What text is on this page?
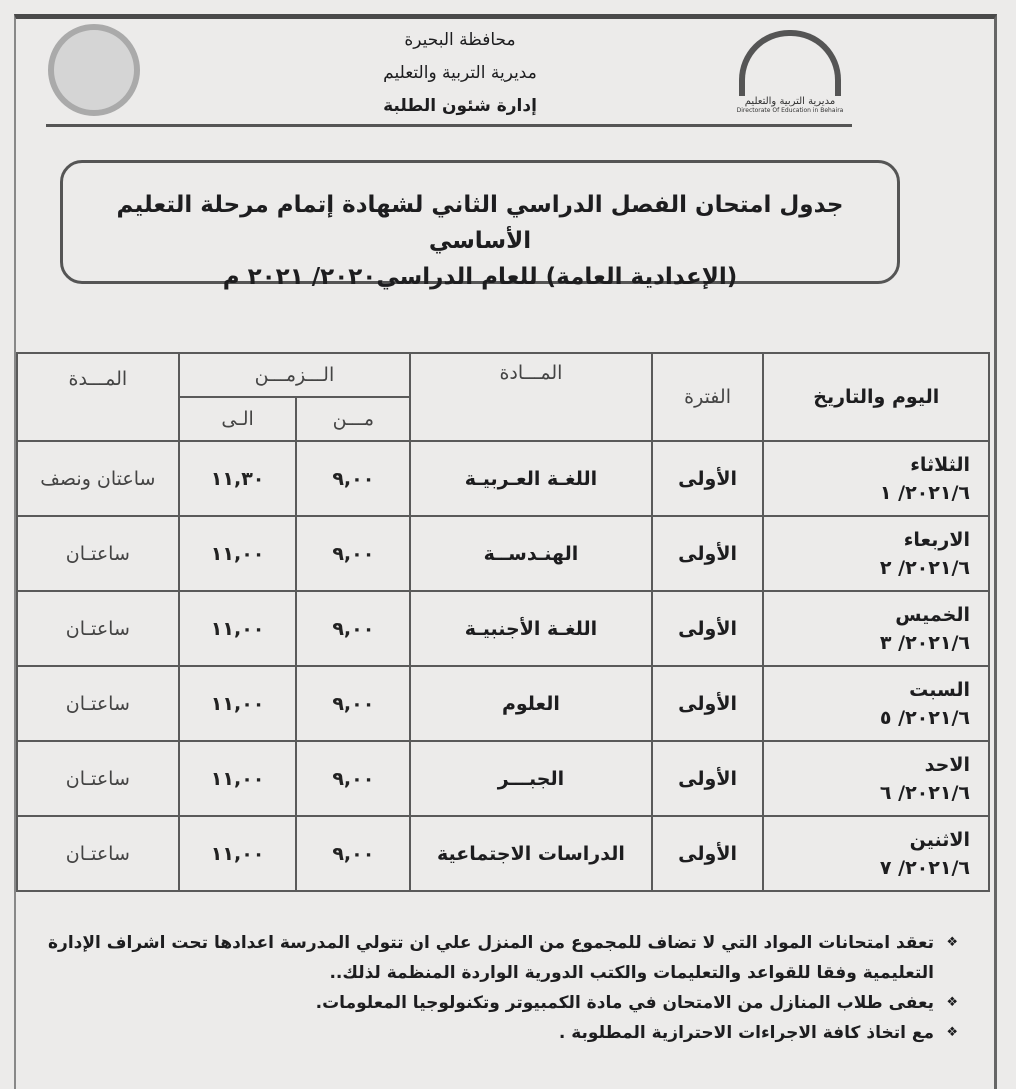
مديرية التربية والتعليم
Directorate Of Education in Behaira
محافظة البحيرة
مديرية التربية والتعليم
إدارة شئون الطلبة
جدول امتحان الفصل الدراسي الثاني لشهادة إتمام مرحلة التعليم الأساسي
(الإعدادية العامة) للعام الدراسي٢٠٢٠/ ٢٠٢١ م
اليوم والتاريخ	الفترة	المـــادة	الـــزمـــن		المـــدة
			مـــن	الـى	

الثلاثاء
٢٠٢١/٦/ ١	الأولى	اللغـة العـربيـة	٩,٠٠	١١,٣٠	ساعتان ونصف

الاربعاء
٢٠٢١/٦/ ٢	الأولى	الهنـدســة	٩,٠٠	١١,٠٠	ساعتـان

الخميس
٢٠٢١/٦/ ٣	الأولى	اللغـة الأجنبيـة	٩,٠٠	١١,٠٠	ساعتـان

السبت
٢٠٢١/٦/ ٥	الأولى	العلوم	٩,٠٠	١١,٠٠	ساعتـان

الاحد
٢٠٢١/٦/ ٦	الأولى	الجبـــر	٩,٠٠	١١,٠٠	ساعتـان

الاثنين
٢٠٢١/٦/ ٧	الأولى	الدراسات الاجتماعية	٩,٠٠	١١,٠٠	ساعتـان
❖
تعقد امتحانات المواد التي لا تضاف للمجموع من المنزل علي ان تتولي المدرسة اعدادها تحت اشراف الإدارة التعليمية وفقا للقواعد والتعليمات والكتب الدورية الواردة المنظمة لذلك..
❖
يعفى طلاب المنازل من الامتحان في مادة الكمبيوتر وتكنولوجيا المعلومات.
❖
مع اتخاذ كافة الاجراءات الاحترازية المطلوبة .
